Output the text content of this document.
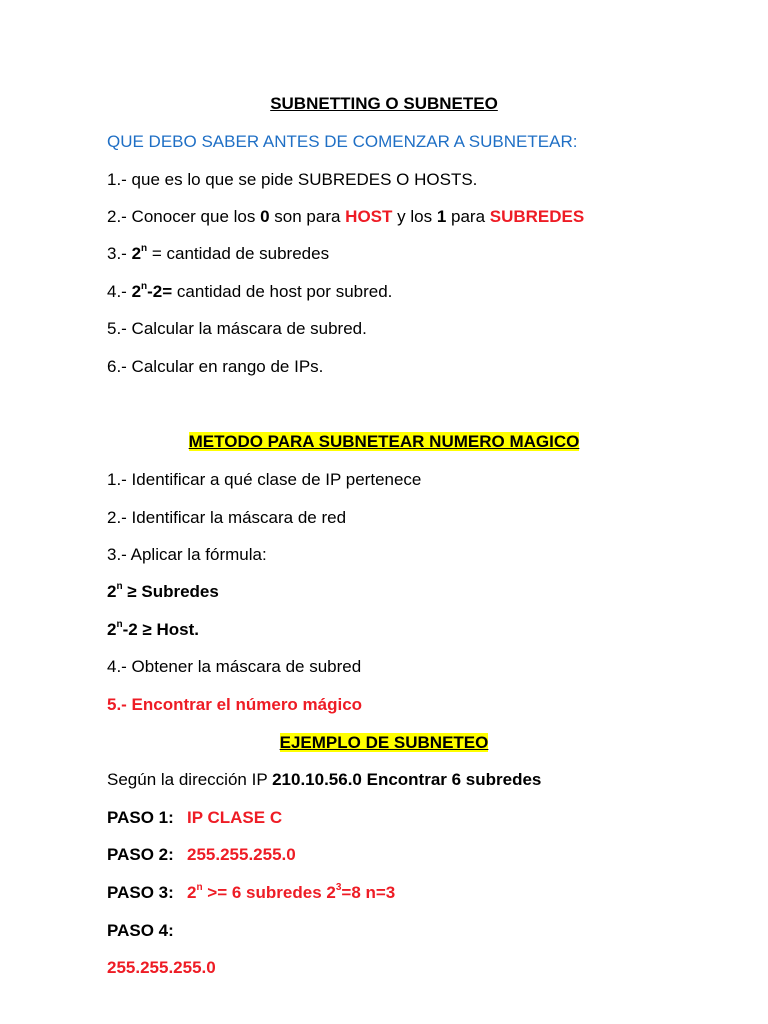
SUBNETTING O SUBNETEO
QUE DEBO SABER ANTES DE COMENZAR A SUBNETEAR:
1.- que es lo que se pide SUBREDES O HOSTS.
2.- Conocer que los 0 son para HOST y los 1 para SUBREDES
3.- $2^n$ = cantidad de subredes
4.- $2^n-2=$ cantidad de host por subred.
5.- Calcular la máscara de subred.
6.- Calcular en rango de IPs.
METODO PARA SUBNETEAR NUMERO MAGICO
1.- Identificar a qué clase de IP pertenece
2.- Identificar la máscara de red
3.- Aplicar la fórmula:
$2^n$ ≥ Subredes
$2^n-2$ ≥ Host.
4.- Obtener la máscara de subred
5.- Encontrar el número mágico
EJEMPLO DE SUBNETEO
Según la dirección IP 210.10.56.0 Encontrar 6 subredes
PASO 1: IP CLASE C
PASO 2: 255.255.255.0
PASO 3: $2^n >= 6$ subredes $2^3=8$ n=3
PASO 4:
255.255.255.0
